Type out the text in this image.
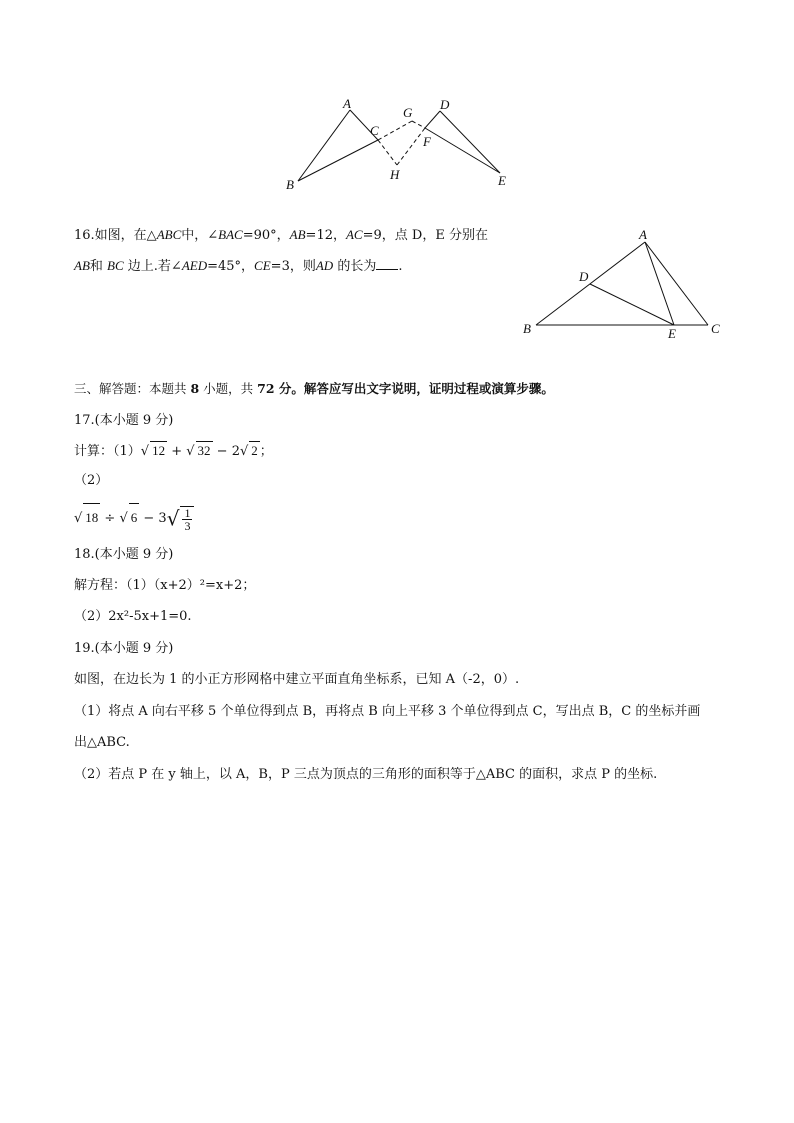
A
B
C
G
D
F
H	E
16.如图，在△ABC中，∠BAC=90°，AB=12，AC=9，点 D，E 分别在
AB和 BC 边上.若∠AED=45°，CE=3，则AD 的长为 .
A
D
B	E	C
三、解答题：本题共 8 小题，共 72 分。解答应写出文字说明，证明过程或演算步骤。
17.(本小题 9 分)
计算：（1）√ 12 + √ 32 − 2√ 2 ；
（2）
√ 18 ÷ √ $6 - 3√ \frac{1}{3}$
18.(本小题 9 分)
解方程：（1）（x+2）²=x+2；
（2）2x²-5x+1=0.
19.(本小题 9 分)
如图，在边长为 1 的小正方形网格中建立平面直角坐标系，已知 A（-2，0）.
（1）将点 A 向右平移 5 个单位得到点 B，再将点 B 向上平移 3 个单位得到点 C，写出点 B，C 的坐标并画
出△ABC.
（2）若点 P 在 y 轴上，以 A，B，P 三点为顶点的三角形的面积等于△ABC 的面积，求点 P 的坐标.
